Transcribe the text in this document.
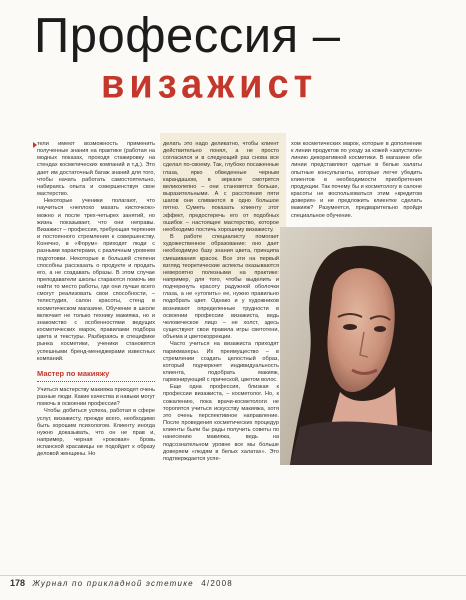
Профессия –
визажист

тели имеют возможность применить полученные знания на практике (работая на модных показах, проходя стажировку на стендах косметических компаний и т.д.). Это дает им достаточный багаж знаний для того, чтобы начать работать самостоятельно, набираясь опыта и совершенствуя свое мастерство.

Некоторые ученики полагают, что научиться «неплохо махать кисточкою» можно и после трех-четырех занятий, но жизнь показывает, что они неправы. Визажист – профессия, требующая терпения и постоянного стремления к совершенству. Конечно, в «Форум» приходят люди с разными характерами, с различным уровнем подготовки. Некоторые в большей степени способны рассказать о продукте и продать его, а не создавать образы. В этом случае преподаватели школы стараются помочь им найти то место работы, где они лучше всего смогут реализовать свои способности, – телестудия, салон красоты, стенд в косметическом магазине. Обучение в школе включает не только технику макияжа, но и знакомство с особенностями ведущих косметических марок, правилами подбора цвета и текстуры. Разбираясь в специфике рынка косметики, ученики становятся успешными бренд-менеджерами известных компаний.

Мастер по макияжу

Учиться мастерству макияжа приходят очень разные люди. Какие качества и навыки могут помочь в освоении профессии?

Чтобы добиться успеха, работая в сфере услуг, визажисту, прежде всего, необходимо быть хорошим психологом. Клиенту иногда нужно доказывать, что он не прав и, например, черная «роковая» бровь испанской красавицы не подойдет к образу деловой женщины. Но

делать это надо деликатно, чтобы клиент действительно понял, а не просто согласился и в следующий раз снова все сделал по-своему. Так, глубоко посаженные глаза, ярко обведенные черным карандашом, в зеркале смотрятся великолепно – они становятся больше, выразительными. А с расстояния пяти шагов они сливаются в одно большое пятно. Суметь показать клиенту этот эффект, предостеречь его от подобных ошибок – настоящее мастерство, которое необходимо постичь хорошему визажисту.

В работе специалисту помогает художественное образование: оно дает необходимую базу знания цвета, принципа смешивания красок. Все эти на первый взгляд теоретические аспекты оказываются невероятно полезными на практике: например, для того, чтобы выделить и подчеркнуть красоту радужной оболочки глаза, а не «утопить» ее, нужно правильно подобрать цвет. Однако и у художников возникают определенные трудности в освоении профессии визажиста, ведь человеческое лицо – не холст, здесь существуют свои правила игры светотени, объема и цветокоррекции.

Часто учиться на визажиста приходят парикмахеры. Их преимущество – в стремлении создать целостный образ, который подчеркнет индивидуальность клиента, подобрать макияж, гармонирующий с прической, цветом волос.

Еще одна профессия, близкая к профессии визажиста, – косметолог. Но, к сожалению, пока врачи-косметологи не торопятся учиться искусству макияжа, хотя это очень перспективное направление. После проведения косметических процедур клиенты были бы рады получить советы по нанесению макияжа, ведь на подсознательном уровне все мы больше доверяем «людям в белых халатах». Это подтверждается успе-

хом косметических марок, которые в дополнение к линии продуктов по уходу за кожей «запустили» линию декоративной косметики. В магазине обе линии представляют одетые в белые халаты опытные консультанты, которые легче убедить клиентов в необходимости приобретения продукции. Так почему бы и косметологу в салоне красоты не воспользоваться этим «кредитом доверия» и не предложить клиентке сделать макияж? Разумеется, предварительно пройдя специальное обучение.

178 Журнал по прикладной эстетике 4/2008
